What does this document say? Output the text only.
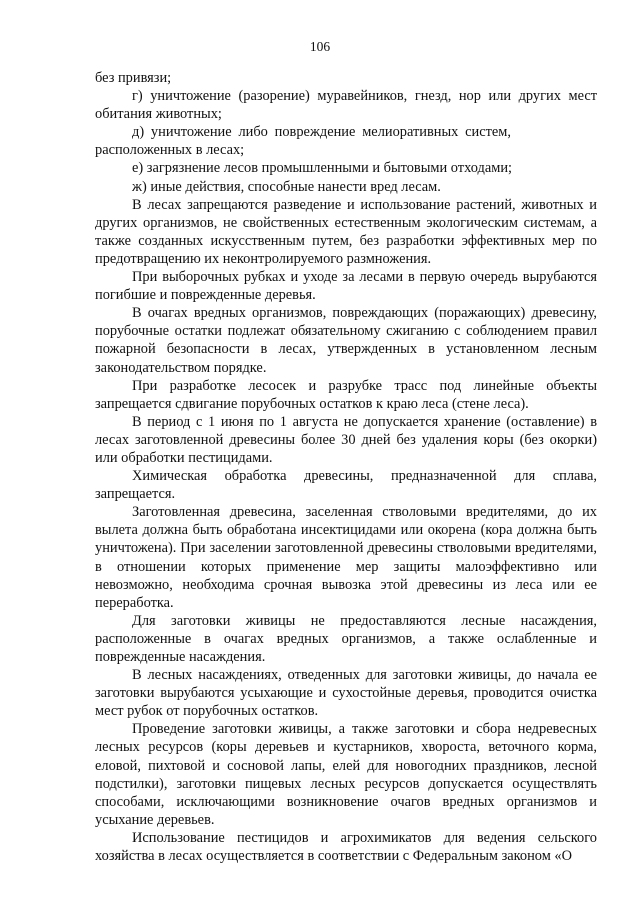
106

без привязи;

г) уничтожение (разорение) муравейников, гнезд, нор или других мест обитания животных;

д) уничтожение либо повреждение мелиоративных систем, расположенных в лесах;

е) загрязнение лесов промышленными и бытовыми отходами;

ж) иные действия, способные нанести вред лесам.

В лесах запрещаются разведение и использование растений, животных и других организмов, не свойственных естественным экологическим системам, а также созданных искусственным путем, без разработки эффективных мер по предотвращению их неконтролируемого размножения.

При выборочных рубках и уходе за лесами в первую очередь вырубаются погибшие и поврежденные деревья.

В очагах вредных организмов, повреждающих (поражающих) древесину, порубочные остатки подлежат обязательному сжиганию с соблюдением правил пожарной безопасности в лесах, утвержденных в установленном лесным законодательством порядке.

При разработке лесосек и разрубке трасс под линейные объекты запрещается сдвигание порубочных остатков к краю леса (стене леса).

В период с 1 июня по 1 августа не допускается хранение (оставление) в лесах заготовленной древесины более 30 дней без удаления коры (без окорки) или обработки пестицидами.

Химическая обработка древесины, предназначенной для сплава, запрещается.

Заготовленная древесина, заселенная стволовыми вредителями, до их вылета должна быть обработана инсектицидами или окорена (кора должна быть уничтожена). При заселении заготовленной древесины стволовыми вредителями, в отношении которых применение мер защиты малоэффективно или невозможно, необходима срочная вывозка этой древесины из леса или ее переработка.

Для заготовки живицы не предоставляются лесные насаждения, расположенные в очагах вредных организмов, а также ослабленные и поврежденные насаждения.

В лесных насаждениях, отведенных для заготовки живицы, до начала ее заготовки вырубаются усыхающие и сухостойные деревья, проводится очистка мест рубок от порубочных остатков.

Проведение заготовки живицы, а также заготовки и сбора недревесных лесных ресурсов (коры деревьев и кустарников, хвороста, веточного корма, еловой, пихтовой и сосновой лапы, елей для новогодних праздников, лесной подстилки), заготовки пищевых лесных ресурсов допускается осуществлять способами, исключающими возникновение очагов вредных организмов и усыхание деревьев.

Использование пестицидов и агрохимикатов для ведения сельского хозяйства в лесах осуществляется в соответствии с Федеральным законом «О
